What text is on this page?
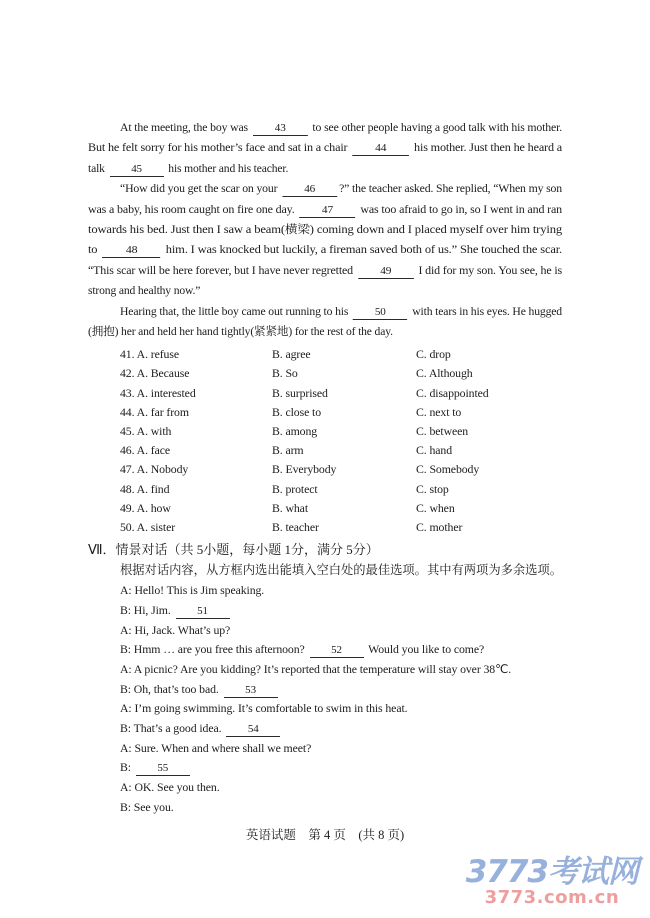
At the meeting, the boy was 43 to see other people having a good talk with his mother.
But he felt sorry for his mother’s face and sat in a chair 44 his mother. Just then he heard a
talk 45 his mother and his teacher.
“How did you get the scar on your 46 ?” the teacher asked. She replied, “When my son
was a baby, his room caught on fire one day. 47 was too afraid to go in, so I went in and ran
towards his bed. Just then I saw a beam(横梁) coming down and I placed myself over him trying
to 48 him. I was knocked but luckily, a fireman saved both of us.” She touched the scar.
“This scar will be here forever, but I have never regretted 49 I did for my son. You see, he is
strong and healthy now.”
Hearing that, the little boy came out running to his 50 with tears in his eyes. He hugged
(拥抱) her and held her hand tightly(紧紧地) for the rest of the day.
41. A. refuse	B. agree	C. drop
42. A. Because	B. So	C. Although
43. A. interested	B. surprised	C. disappointed
44. A. far from	B. close to	C. next to
45. A. with	B. among	C. between
46. A. face	B. arm	C. hand
47. A. Nobody	B. Everybody	C. Somebody
48. A. find	B. protect	C. stop
49. A. how	B. what	C. when
50. A. sister	B. teacher	C. mother
Ⅶ．情景对话（共 5小题，每小题 1分，满分 5分）
根据对话内容，从方框内选出能填入空白处的最佳选项。其中有两项为多余选项。
A: Hello! This is Jim speaking.
B: Hi, Jim. 51
A: Hi, Jack. What’s up?
B: Hmm … are you free this afternoon? 52 Would you like to come?
A: A picnic? Are you kidding? It’s reported that the temperature will stay over 38℃.
B: Oh, that’s too bad. 53
A: I’m going swimming. It’s comfortable to swim in this heat.
B: That’s a good idea. 54
A: Sure. When and where shall we meet?
B: 55
A: OK. See you then.
B: See you.
英语试题　第 4 页　(共 8 页)
3773考试网
3773.com.cn
